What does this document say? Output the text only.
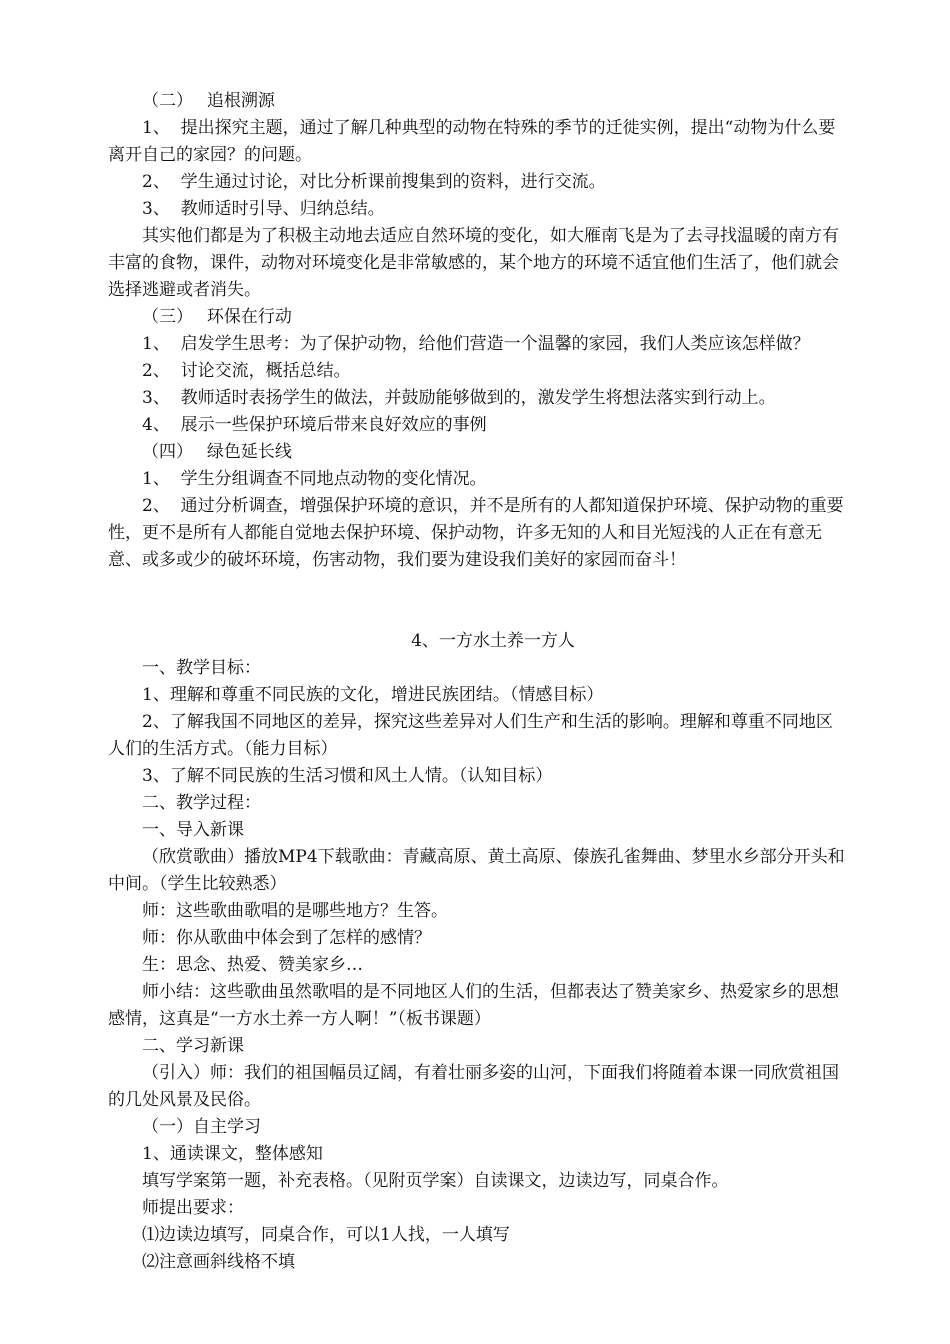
（二）　 追根溯源

1、  提出探究主题，通过了解几种典型的动物在特殊的季节的迁徙实例，提出“动物为什么要离开自己的家园？的问题。

2、  学生通过讨论，对比分析课前搜集到的资料，进行交流。

3、  教师适时引导、归纳总结。

其实他们都是为了积极主动地去适应自然环境的变化，如大雁南飞是为了去寻找温暖的南方有丰富的食物，课件，动物对环境变化是非常敏感的，某个地方的环境不适宜他们生活了，他们就会选择逃避或者消失。

（三）　 环保在行动

1、  启发学生思考：为了保护动物，给他们营造一个温馨的家园，我们人类应该怎样做？

2、  讨论交流，概括总结。

3、  教师适时表扬学生的做法，并鼓励能够做到的，激发学生将想法落实到行动上。

4、  展示一些保护环境后带来良好效应的事例

（四）　 绿色延长线

1、  学生分组调查不同地点动物的变化情况。

2、  通过分析调查，增强保护环境的意识，并不是所有的人都知道保护环境、保护动物的重要性，更不是所有人都能自觉地去保护环境、保护动物，许多无知的人和目光短浅的人正在有意无意、或多或少的破坏环境，伤害动物，我们要为建设我们美好的家园而奋斗！

4、一方水土养一方人

一、教学目标：

1、理解和尊重不同民族的文化，增进民族团结。（情感目标）

2、了解我国不同地区的差异，探究这些差异对人们生产和生活的影响。理解和尊重不同地区人们的生活方式。（能力目标）

3、了解不同民族的生活习惯和风土人情。（认知目标）

二、教学过程：

一、导入新课

（欣赏歌曲）播放MP4下载歌曲：青藏高原、黄土高原、傣族孔雀舞曲、梦里水乡部分开头和中间。（学生比较熟悉）

师：这些歌曲歌唱的是哪些地方？生答。

师：你从歌曲中体会到了怎样的感情？

生：思念、热爱、赞美家乡…

师小结：这些歌曲虽然歌唱的是不同地区人们的生活，但都表达了赞美家乡、热爱家乡的思想感情，这真是“一方水土养一方人啊！”（板书课题）

二、学习新课

（引入）师：我们的祖国幅员辽阔，有着壮丽多姿的山河，下面我们将随着本课一同欣赏祖国的几处风景及民俗。

（一）自主学习

1、通读课文，整体感知

填写学案第一题，补充表格。（见附页学案）自读课文，边读边写，同桌合作。

师提出要求：

⑴边读边填写，同桌合作，可以1人找，一人填写

⑵注意画斜线格不填
